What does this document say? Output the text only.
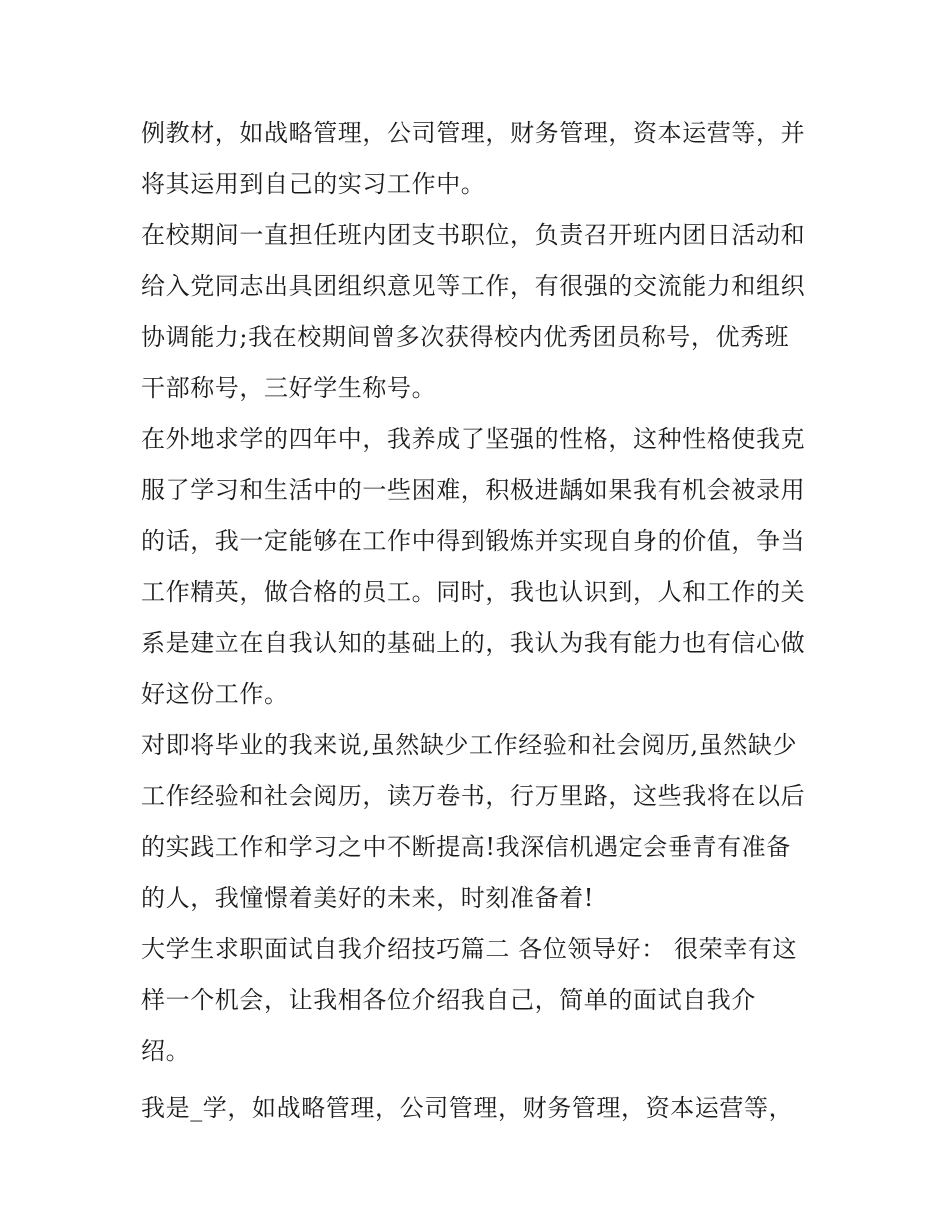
例教材，如战略管理，公司管理，财务管理，资本运营等，并
将其运用到自己的实习工作中。
在校期间一直担任班内团支书职位，负责召开班内团日活动和
给入党同志出具团组织意见等工作，有很强的交流能力和组织
协调能力;我在校期间曾多次获得校内优秀团员称号，优秀班
干部称号，三好学生称号。
在外地求学的四年中，我养成了坚强的性格，这种性格使我克
服了学习和生活中的一些困难，积极进龋如果我有机会被录用
的话，我一定能够在工作中得到锻炼并实现自身的价值，争当
工作精英，做合格的员工。同时，我也认识到，人和工作的关
系是建立在自我认知的基础上的，我认为我有能力也有信心做
好这份工作。
对即将毕业的我来说,虽然缺少工作经验和社会阅历,虽然缺少
工作经验和社会阅历，读万卷书，行万里路，这些我将在以后
的实践工作和学习之中不断提高!我深信机遇定会垂青有准备
的人，我憧憬着美好的未来，时刻准备着!
大学生求职面试自我介绍技巧篇二 各位领导好： 很荣幸有这
样一个机会，让我相各位介绍我自己，简单的面试自我介
绍。
我是_学，如战略管理，公司管理，财务管理，资本运营等，
